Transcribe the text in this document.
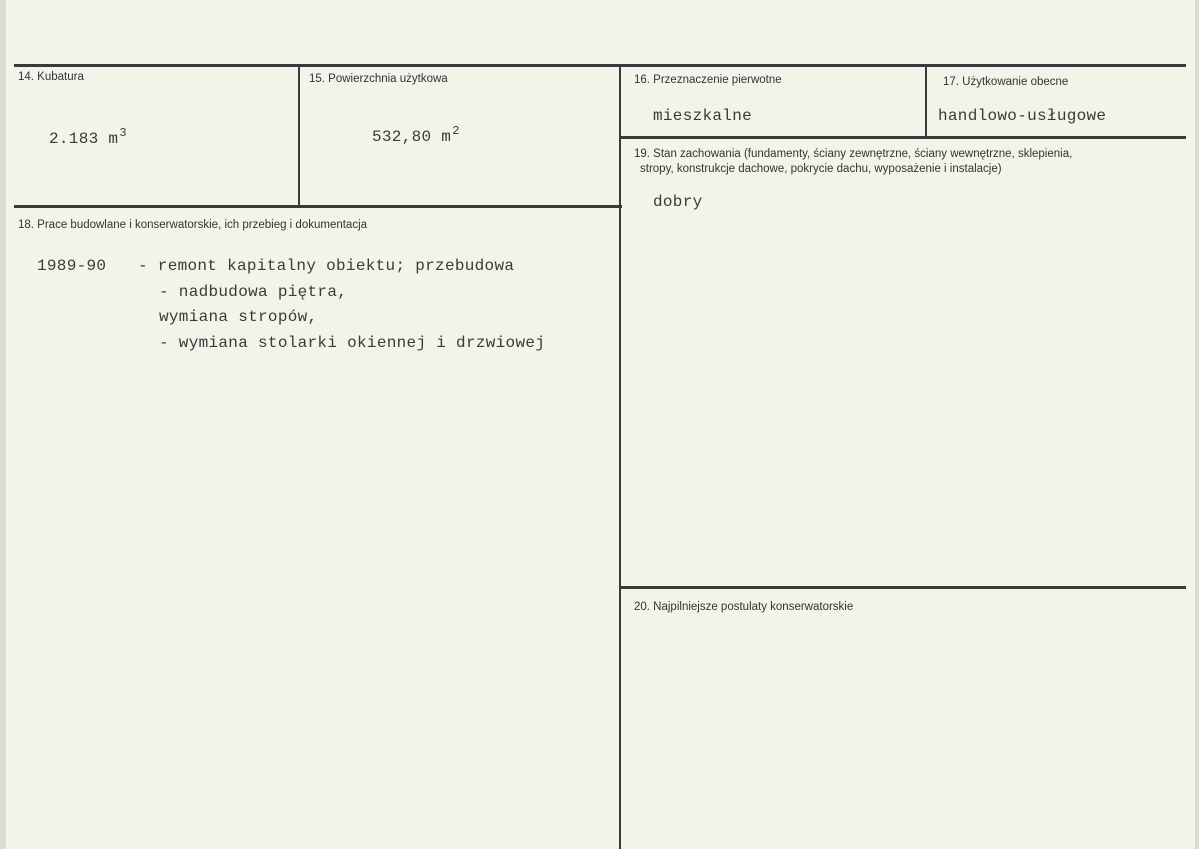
14. Kubatura
2.183 $m^3$
15. Powierzchnia użytkowa
532,80 $m^2$
16. Przeznaczenie pierwotne
mieszkalne
17. Użytkowanie obecne
handlowo-usługowe
18. Prace budowlane i konserwatorskie, ich przebieg i dokumentacja
1989-90 - remont kapitalny obiektu; przebudowa
- nadbudowa piętra,
wymiana stropów,
- wymiana stolarki okiennej i drzwiowej
19. Stan zachowania (fundamenty, ściany zewnętrzne, ściany wewnętrzne, sklepienia,
stropy, konstrukcje dachowe, pokrycie dachu, wyposażenie i instalacje)
dobry
20. Najpilniejsze postulaty konserwatorskie
